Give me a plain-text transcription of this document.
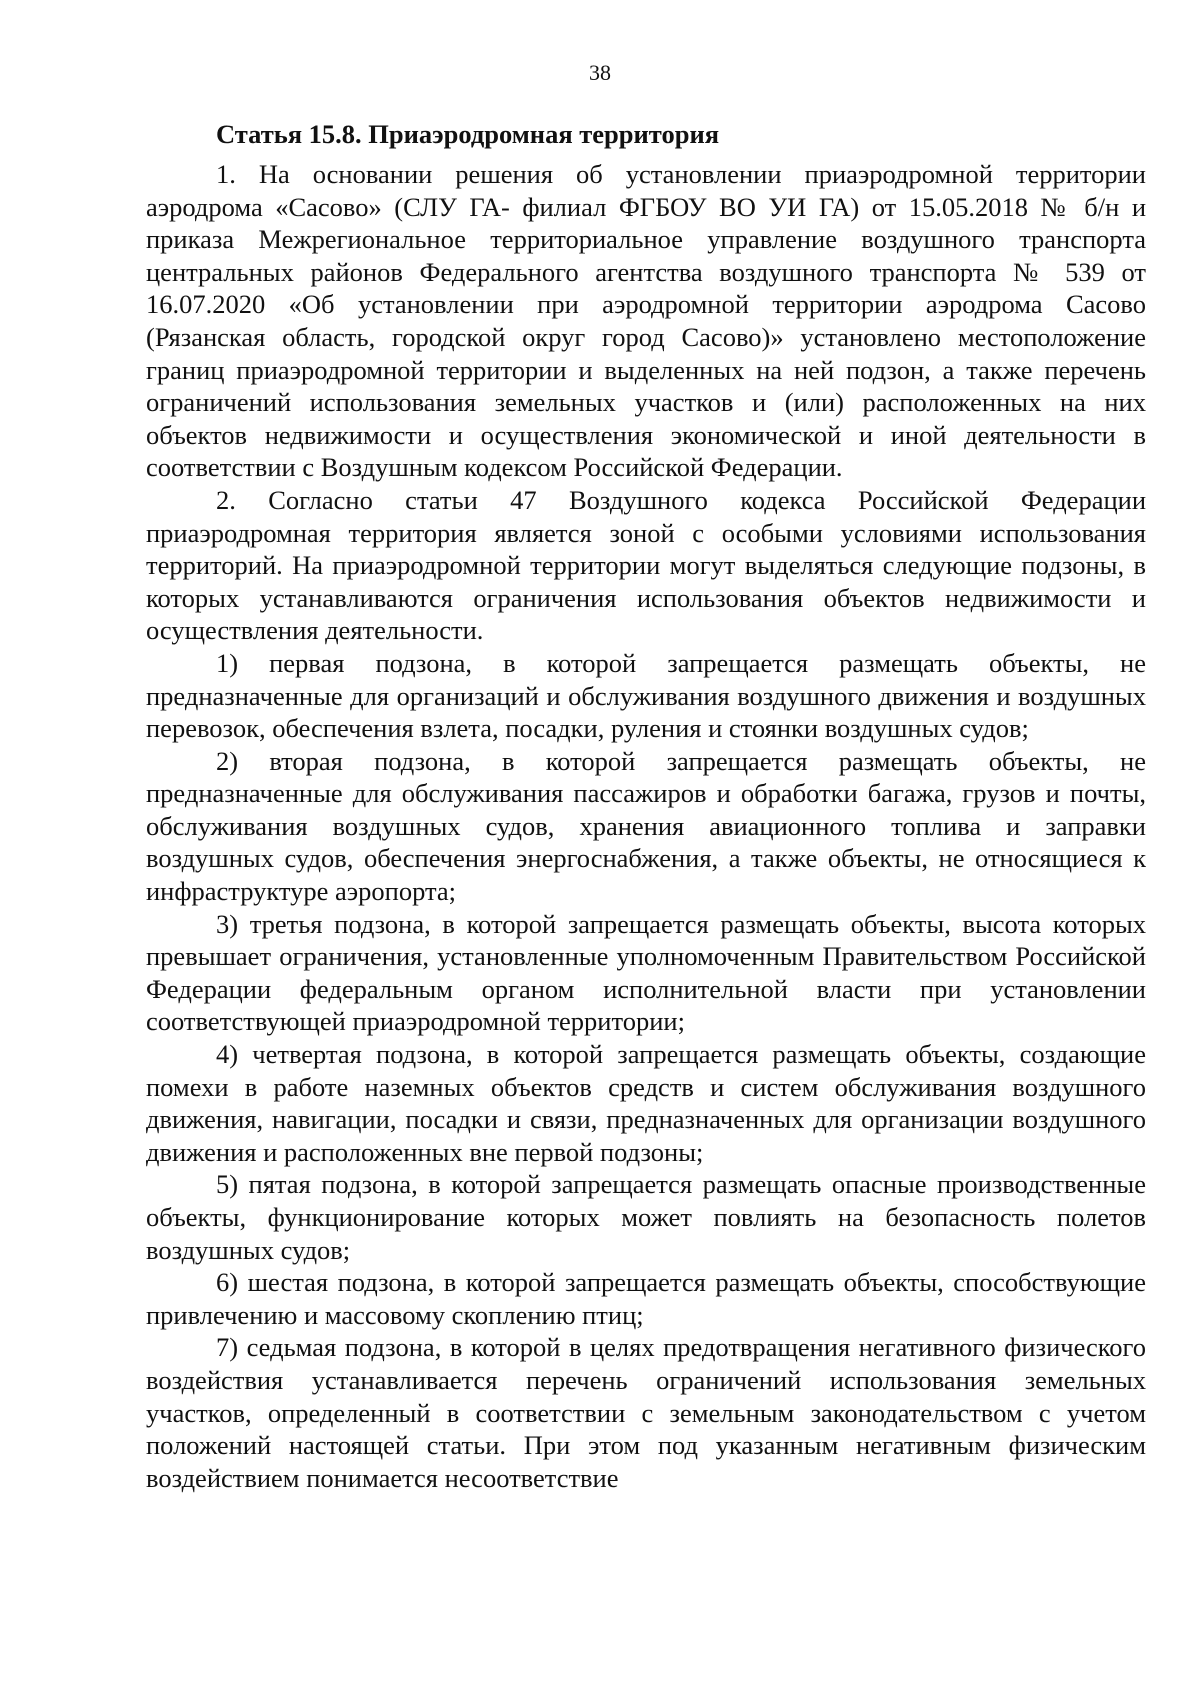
38
Статья 15.8. Приаэродромная территория

1. На основании решения об установлении приаэродромной территории аэродрома «Сасово» (СЛУ ГА- филиал ФГБОУ ВО УИ ГА) от 15.05.2018 № б/н и приказа Межрегиональное территориальное управление воздушного транспорта центральных районов Федерального агентства воздушного транспорта № 539 от 16.07.2020 «Об установлении при аэродромной территории аэродрома Сасово (Рязанская область, городской округ город Сасово)» установлено местоположение границ приаэродромной территории и выделенных на ней подзон, а также перечень ограничений использования земельных участков и (или) расположенных на них объектов недвижимости и осуществления экономической и иной деятельности в соответствии с Воздушным кодексом Российской Федерации.

2. Согласно статьи 47 Воздушного кодекса Российской Федерации приаэродромная территория является зоной с особыми условиями использования территорий. На приаэродромной территории могут выделяться следующие подзоны, в которых устанавливаются ограничения использования объектов недвижимости и осуществления деятельности.

1) первая подзона, в которой запрещается размещать объекты, не предназначенные для организаций и обслуживания воздушного движения и воздушных перевозок, обеспечения взлета, посадки, руления и стоянки воздушных судов;

2) вторая подзона, в которой запрещается размещать объекты, не предназначенные для обслуживания пассажиров и обработки багажа, грузов и почты, обслуживания воздушных судов, хранения авиационного топлива и заправки воздушных судов, обеспечения энергоснабжения, а также объекты, не относящиеся к инфраструктуре аэропорта;

3) третья подзона, в которой запрещается размещать объекты, высота которых превышает ограничения, установленные уполномоченным Правительством Российской Федерации федеральным органом исполнительной власти при установлении соответствующей приаэродромной территории;

4) четвертая подзона, в которой запрещается размещать объекты, создающие помехи в работе наземных объектов средств и систем обслуживания воздушного движения, навигации, посадки и связи, предназначенных для организации воздушного движения и расположенных вне первой подзоны;

5) пятая подзона, в которой запрещается размещать опасные производственные объекты, функционирование которых может повлиять на безопасность полетов воздушных судов;

6) шестая подзона, в которой запрещается размещать объекты, способствующие привлечению и массовому скоплению птиц;

7) седьмая подзона, в которой в целях предотвращения негативного физического воздействия устанавливается перечень ограничений использования земельных участков, определенный в соответствии с земельным законодательством с учетом положений настоящей статьи. При этом под указанным негативным физическим воздействием понимается несоответствие
